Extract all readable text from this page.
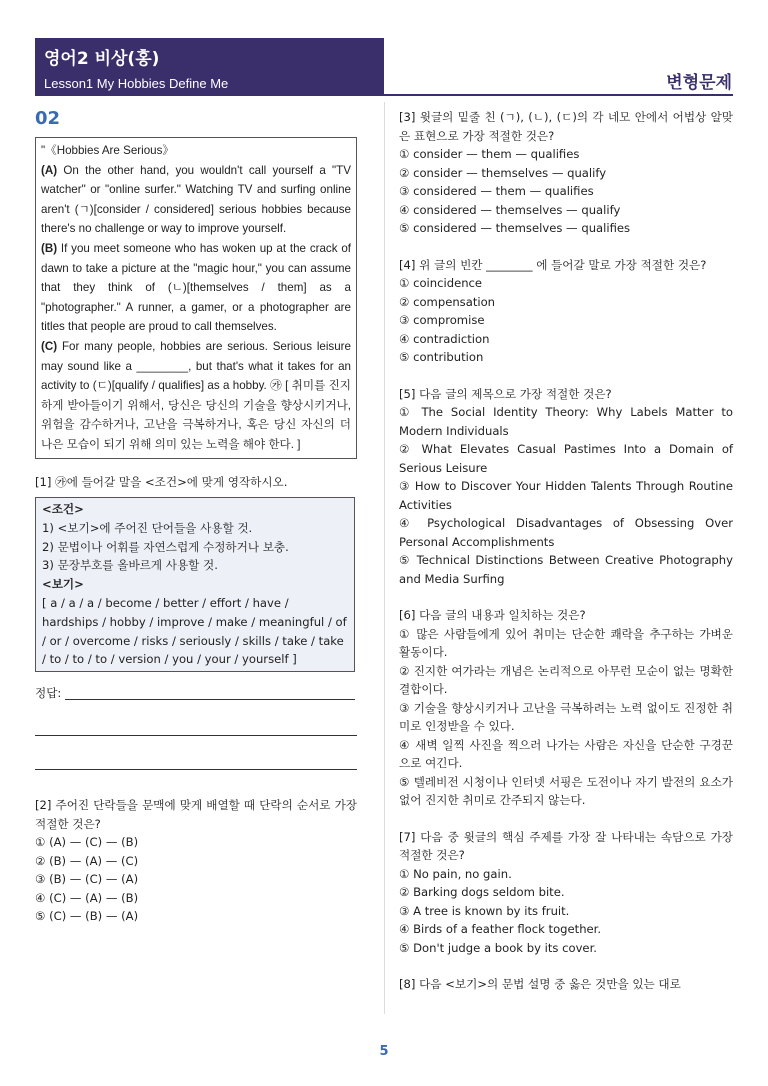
영어2 비상(홍)
Lesson1 My Hobbies Define Me	변형문제
02

"《Hobbies Are Serious》

(A) On the other hand, you wouldn't call yourself a "TV watcher" or "online surfer." Watching TV and surfing online aren't (ㄱ)[consider / considered] serious hobbies because there's no challenge or way to improve yourself.

(B) If you meet someone who has woken up at the crack of dawn to take a picture at the "magic hour," you can assume that they think of (ㄴ)[themselves / them] as a "photographer." A runner, a gamer, or a photographer are titles that people are proud to call themselves.

(C) For many people, hobbies are serious. Serious leisure may sound like a ________, but that's what it takes for an activity to (ㄷ)[qualify / qualifies] as a hobby. ㉮ [ 취미를 진지하게 받아들이기 위해서, 당신은 당신의 기술을 향상시키거나, 위험을 감수하거나, 고난을 극복하거나, 혹은 당신 자신의 더 나은 모습이 되기 위해 의미 있는 노력을 해야 한다. ]

[1] ㉮에 들어갈 말을 <조건>에 맞게 영작하시오.
<조건>
1) <보기>에 주어진 단어들을 사용할 것.
2) 문법이나 어휘를 자연스럽게 수정하거나 보충.
3) 문장부호를 올바르게 사용할 것.
<보기>
[ a / a / a / become / better / effort / have / hardships / hobby / improve / make / meaningful / of / or / overcome / risks / seriously / skills / take / take / to / to / to / version / you / your / yourself ]
정답:
[2] 주어진 단락들을 문맥에 맞게 배열할 때 단락의 순서로 가장 적절한 것은?
① (A) — (C) — (B)
② (B) — (A) — (C)
③ (B) — (C) — (A)
④ (C) — (A) — (B)
⑤ (C) — (B) — (A)
[3] 윗글의 밑줄 친 (ㄱ), (ㄴ), (ㄷ)의 각 네모 안에서 어법상 알맞은 표현으로 가장 적절한 것은?
① consider — them — qualifies
② consider — themselves — qualify
③ considered — them — qualifies
④ considered — themselves — qualify
⑤ considered — themselves — qualifies
[4] 위 글의 빈칸 ________ 에 들어갈 말로 가장 적절한 것은?
① coincidence
② compensation
③ compromise
④ contradiction
⑤ contribution
[5] 다음 글의 제목으로 가장 적절한 것은?
① The Social Identity Theory: Why Labels Matter to Modern Individuals
② What Elevates Casual Pastimes Into a Domain of Serious Leisure
③ How to Discover Your Hidden Talents Through Routine Activities
④ Psychological Disadvantages of Obsessing Over Personal Accomplishments
⑤ Technical Distinctions Between Creative Photography and Media Surfing
[6] 다음 글의 내용과 일치하는 것은?
① 많은 사람들에게 있어 취미는 단순한 쾌락을 추구하는 가벼운 활동이다.
② 진지한 여가라는 개념은 논리적으로 아무런 모순이 없는 명확한 결합이다.
③ 기술을 향상시키거나 고난을 극복하려는 노력 없이도 진정한 취미로 인정받을 수 있다.
④ 새벽 일찍 사진을 찍으러 나가는 사람은 자신을 단순한 구경꾼으로 여긴다.
⑤ 텔레비전 시청이나 인터넷 서핑은 도전이나 자기 발전의 요소가 없어 진지한 취미로 간주되지 않는다.
[7] 다음 중 윗글의 핵심 주제를 가장 잘 나타내는 속담으로 가장 적절한 것은?
① No pain, no gain.
② Barking dogs seldom bite.
③ A tree is known by its fruit.
④ Birds of a feather flock together.
⑤ Don't judge a book by its cover.
[8] 다음 <보기>의 문법 설명 중 옳은 것만을 있는 대로
5
